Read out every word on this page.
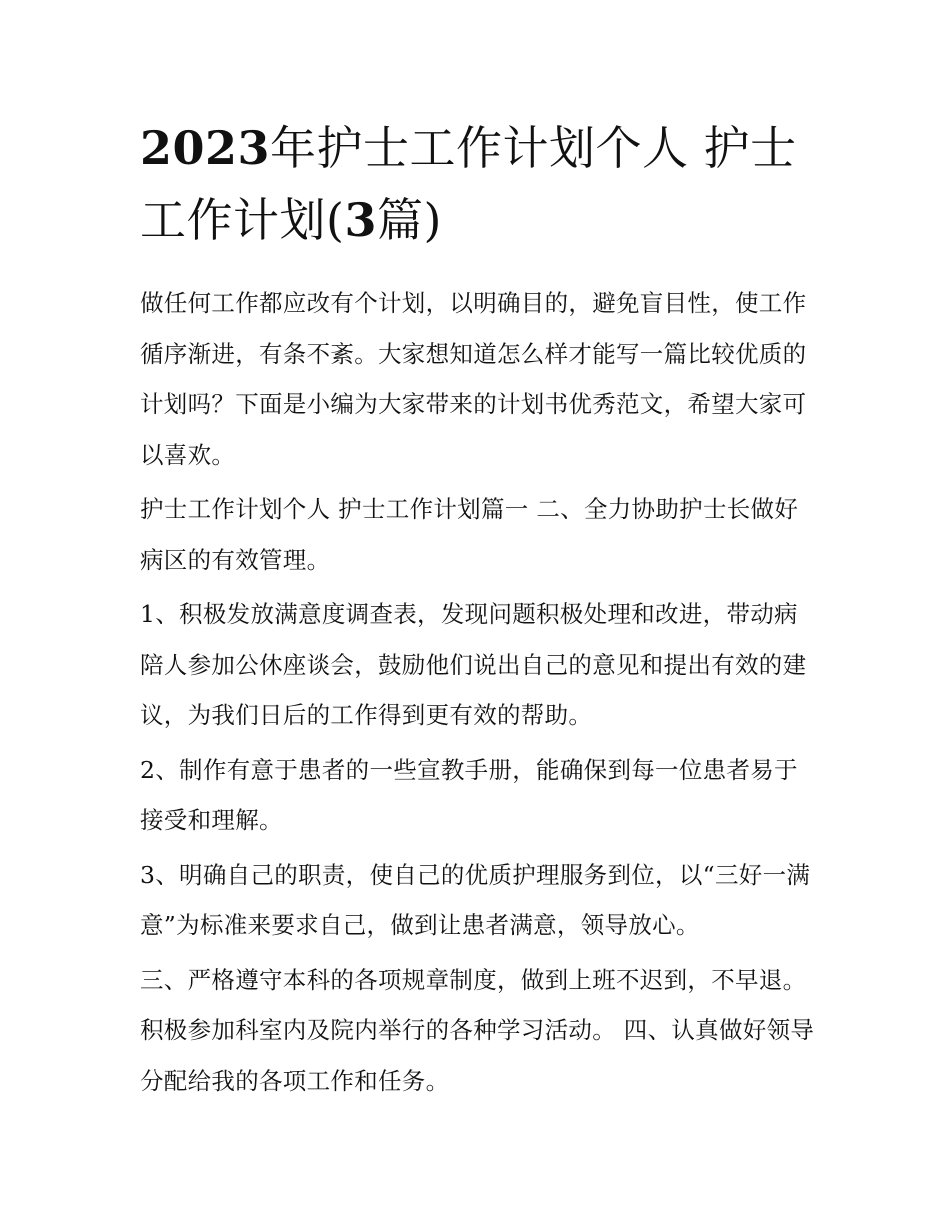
2023年护士工作计划个人 护士工作计划(3篇)

做任何工作都应改有个计划，以明确目的，避免盲目性，使工作循序渐进，有条不紊。大家想知道怎么样才能写一篇比较优质的计划吗？下面是小编为大家带来的计划书优秀范文，希望大家可以喜欢。

护士工作计划个人 护士工作计划篇一 二、全力协助护士长做好病区的有效管理。

1、积极发放满意度调查表，发现问题积极处理和改进，带动病陪人参加公休座谈会，鼓励他们说出自己的意见和提出有效的建议，为我们日后的工作得到更有效的帮助。

2、制作有意于患者的一些宣教手册，能确保到每一位患者易于接受和理解。

3、明确自己的职责，使自己的优质护理服务到位，以“三好一满意”为标准来要求自己，做到让患者满意，领导放心。

三、严格遵守本科的各项规章制度，做到上班不迟到，不早退。积极参加科室内及院内举行的各种学习活动。 四、认真做好领导分配给我的各项工作和任务。
